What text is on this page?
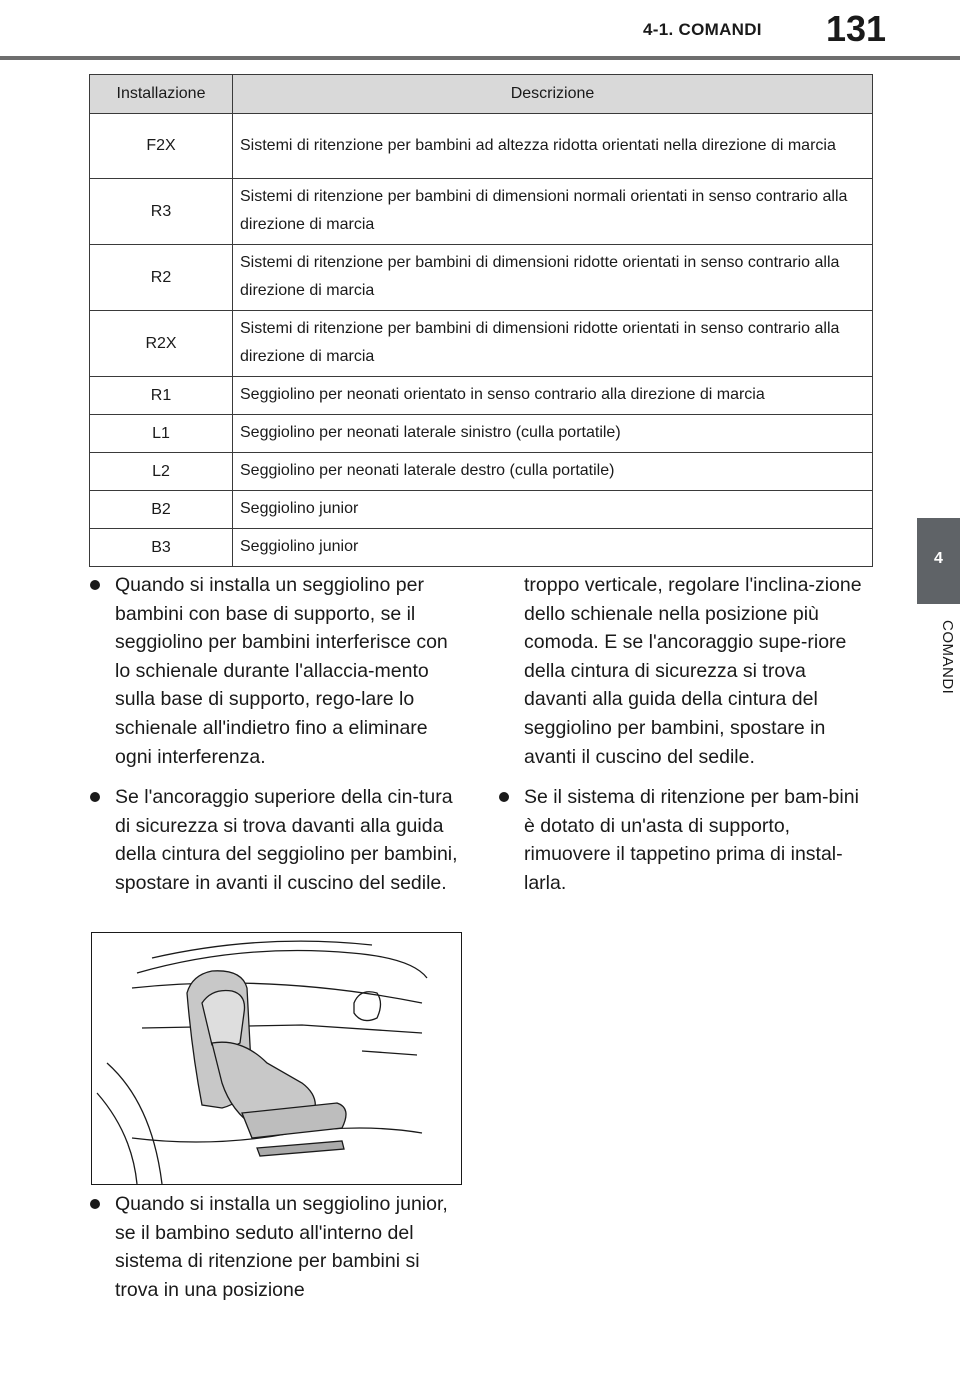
4-1. COMANDI 131
4
COMANDI
Installazione	Descrizione
F2X	Sistemi di ritenzione per bambini ad altezza ridotta orientati nella direzione di marcia
R3	Sistemi di ritenzione per bambini di dimensioni normali orientati in senso contrario alla direzione di marcia
R2	Sistemi di ritenzione per bambini di dimensioni ridotte orientati in senso contrario alla direzione di marcia
R2X	Sistemi di ritenzione per bambini di dimensioni ridotte orientati in senso contrario alla direzione di marcia
R1	Seggiolino per neonati orientato in senso contrario alla direzione di marcia
L1	Seggiolino per neonati laterale sinistro (culla portatile)
L2	Seggiolino per neonati laterale destro (culla portatile)
B2	Seggiolino junior
B3	Seggiolino junior
Quando si installa un seggiolino per bambini con base di supporto, se il seggiolino per bambini interferisce con lo schienale durante l'allaccia-mento sulla base di supporto, rego-lare lo schienale all'indietro fino a eliminare ogni interferenza.
Se l'ancoraggio superiore della cin-tura di sicurezza si trova davanti alla guida della cintura del seggiolino per bambini, spostare in avanti il cuscino del sedile.
Quando si installa un seggiolino junior, se il bambino seduto all'interno del sistema di ritenzione per bambini si trova in una posizione
troppo verticale, regolare l'inclina-zione dello schienale nella posizione più comoda. E se l'ancoraggio supe-riore della cintura di sicurezza si trova davanti alla guida della cintura del seggiolino per bambini, spostare in avanti il cuscino del sedile.
Se il sistema di ritenzione per bam-bini è dotato di un'asta di supporto, rimuovere il tappetino prima di instal-larla.
